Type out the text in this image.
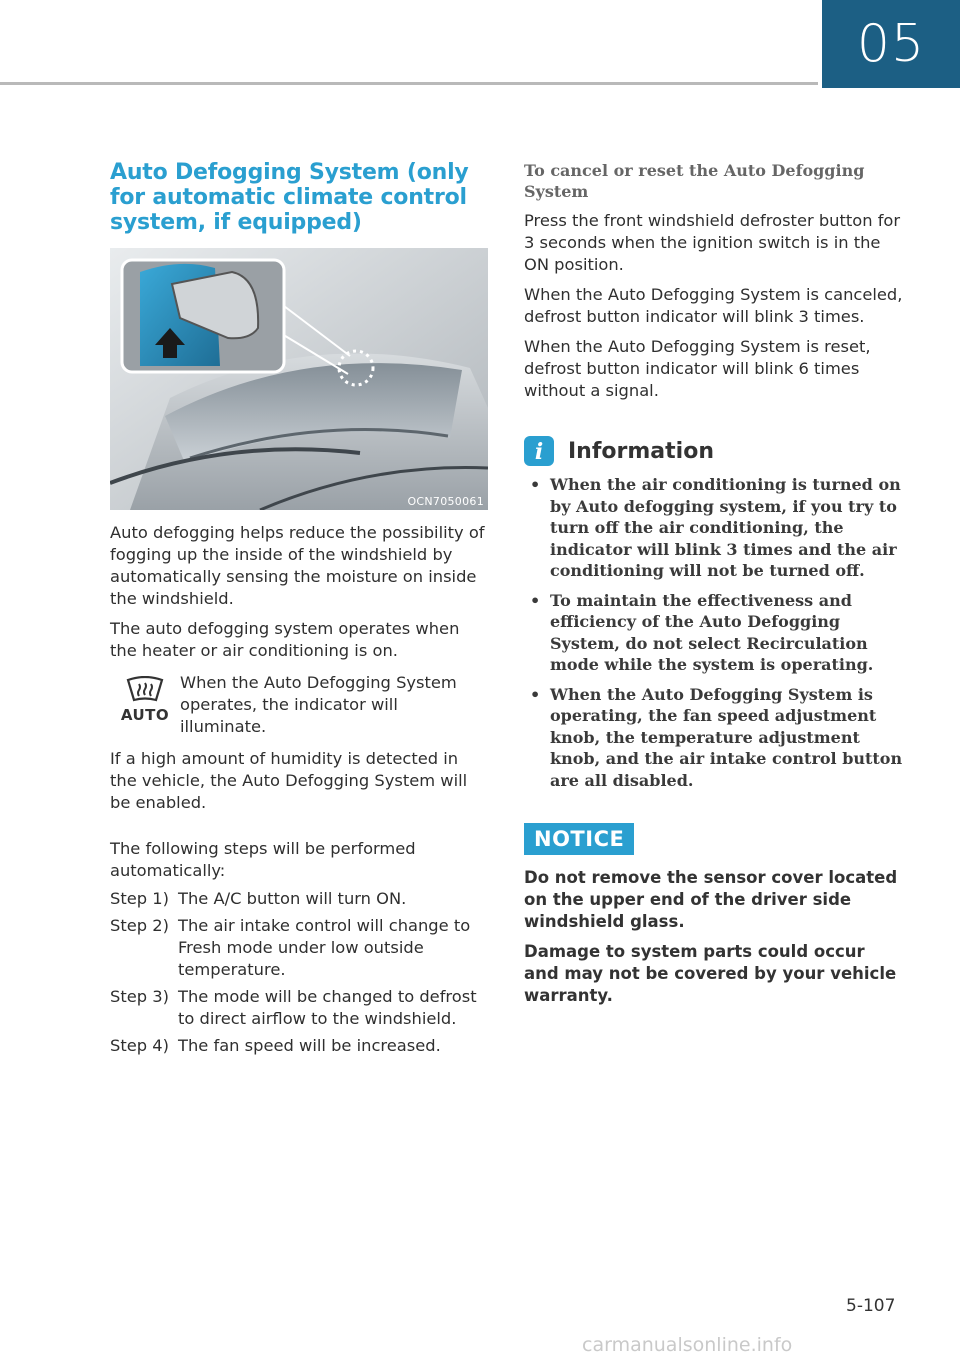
05
Auto Defogging System (only for automatic climate control system, if equipped)
OCN7050061

Auto defogging helps reduce the possibility of fogging up the inside of the windshield by automatically sensing the moisture on inside the windshield.

The auto defogging system operates when the heater or air conditioning is on.

AUTO

When the Auto Defogging System operates, the indicator will illuminate.

If a high amount of humidity is detected in the vehicle, the Auto Defogging System will be enabled.

The following steps will be performed automatically:

Step 1) The A/C button will turn ON.
Step 2) The air intake control will change to Fresh mode under low outside temperature.
Step 3) The mode will be changed to defrost to direct airflow to the windshield.
Step 4) The fan speed will be increased.
To cancel or reset the Auto Defogging System

Press the front windshield defroster button for 3 seconds when the ignition switch is in the ON position.

When the Auto Defogging System is canceled, defrost button indicator will blink 3 times.

When the Auto Defogging System is reset, defrost button indicator will blink 6 times without a signal.

i Information
• When the air conditioning is turned on by Auto defogging system, if you try to turn off the air conditioning, the indicator will blink 3 times and the air conditioning will not be turned off.
• To maintain the effectiveness and efficiency of the Auto Defogging System, do not select Recirculation mode while the system is operating.
• When the Auto Defogging System is operating, the fan speed adjustment knob, the temperature adjustment knob, and the air intake control button are all disabled.
NOTICE

Do not remove the sensor cover located on the upper end of the driver side windshield glass.

Damage to system parts could occur and may not be covered by your vehicle warranty.

5-107
carmanualsonline.info
